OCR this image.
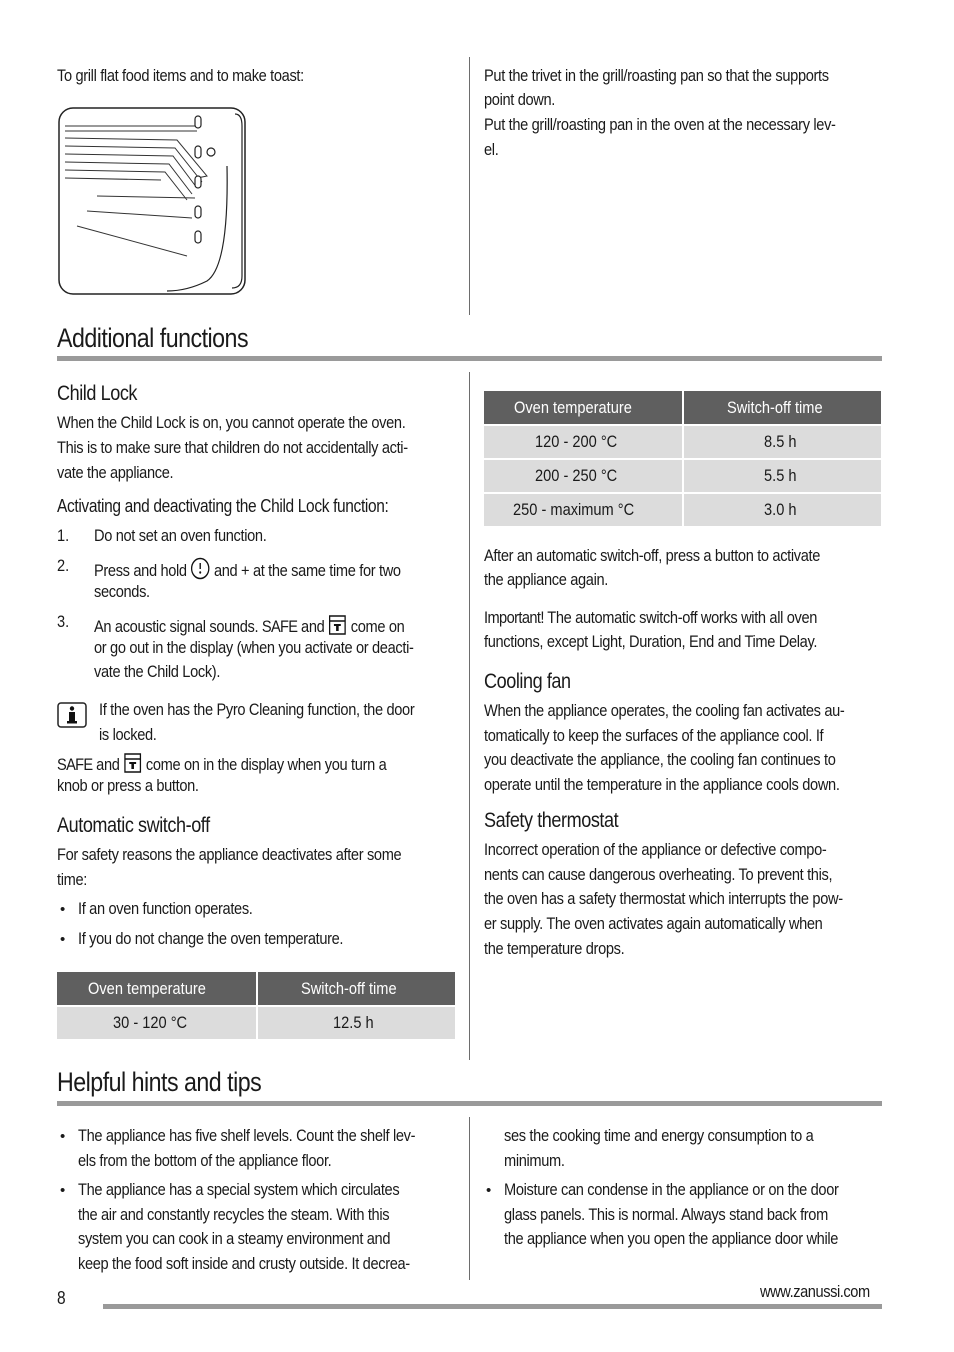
To grill flat food items and to make toast:	Put the trivet in the grill/roasting pan so that the supports
point down.
Put the grill/roasting pan in the oven at the necessary lev-
el.
Additional functions
Child Lock
When the Child Lock is on, you cannot operate the oven.
This is to make sure that children do not accidentally acti-
vate the appliance.
Activating and deactivating the Child Lock function:
1. Do not set an oven function.
2. Press and hold and + at the same time for two
seconds.
3. An acoustic signal sounds. SAFE and come on
or go out in the display (when you activate or deacti-
vate the Child Lock).
If the oven has the Pyro Cleaning function, the door
is locked.
SAFE and come on in the display when you turn a
knob or press a button.
Automatic switch-off
For safety reasons the appliance deactivates after some
time:
• If an oven function operates.
• If you do not change the oven temperature.
Oven temperature	Switch-off time
30 - 120 °C	12.5 h
Oven temperature	Switch-off time
120 - 200 °C	8.5 h
200 - 250 °C	5.5 h
250 - maximum °C	3.0 h
After an automatic switch-off, press a button to activate
the appliance again.
Important! The automatic switch-off works with all oven
functions, except Light, Duration, End and Time Delay.
Cooling fan
When the appliance operates, the cooling fan activates au-
tomatically to keep the surfaces of the appliance cool. If
you deactivate the appliance, the cooling fan continues to
operate until the temperature in the appliance cools down.
Safety thermostat
Incorrect operation of the appliance or defective compo-
nents can cause dangerous overheating. To prevent this,
the oven has a safety thermostat which interrupts the pow-
er supply. The oven activates again automatically when
the temperature drops.
Helpful hints and tips
• The appliance has five shelf levels. Count the shelf lev-
els from the bottom of the appliance floor.
• The appliance has a special system which circulates
the air and constantly recycles the steam. With this
system you can cook in a steamy environment and
keep the food soft inside and crusty outside. It decrea-
ses the cooking time and energy consumption to a
minimum.
• Moisture can condense in the appliance or on the door
glass panels. This is normal. Always stand back from
the appliance when you open the appliance door while
8	www.zanussi.com
